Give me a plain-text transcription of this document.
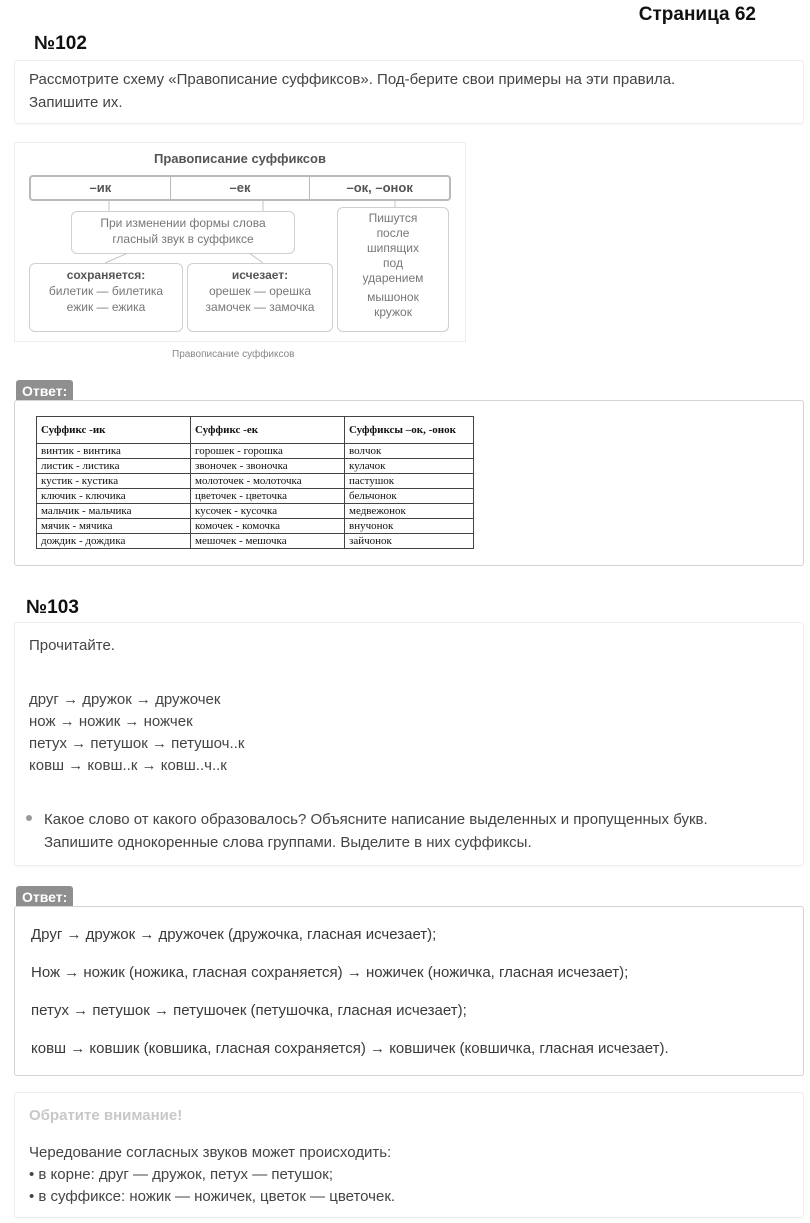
Страница 62
№102
Рассмотрите схему «Правописание суффиксов». Под-берите свои примеры на эти правила.
Запишите их.
Правописание суффиксов
–ик	–ек	–ок, –онок
При изменении формы слова
гласный звук в суффиксе
сохраняется:
билетик — билетика
ежик — ежика
исчезает:
орешек — орешка
замочек — замочка
Пишутся
после
шипящих
под
ударением
мышонок
кружок
Правописание суффиксов
Ответ:
Суффикс -ик	Суффикс -ек	Суффиксы –ок, -онок
винтик - винтика	горошек - горошка	волчок
листик - листика	звоночек - звоночка	кулачок
кустик - кустика	молоточек - молоточка	пастушок
ключик - ключика	цветочек - цветочка	бельчонок
мальчик - мальчика	кусочек - кусочка	медвежонок
мячик - мячика	комочек - комочка	внучонок
дождик - дождика	мешочек - мешочка	зайчонок
№103
Прочитайте.
друг → дружок → дружочек
нож → ножик → ножчек
петух → петушок → петушоч..к
ковш → ковш..к → ковш..ч..к
Какое слово от какого образовалось? Объясните написание выделенных и пропущенных букв.
Запишите однокоренные слова группами. Выделите в них суффиксы.
Ответ:
Друг → дружок → дружочек (дружочка, гласная исчезает);
Нож → ножик (ножика, гласная сохраняется) → ножичек (ножичка, гласная исчезает);
петух → петушок → петушочек (петушочка, гласная исчезает);
ковш → ковшик (ковшика, гласная сохраняется) → ковшичек (ковшичка, гласная исчезает).
Обратите внимание!
Чередование согласных звуков может происходить:
• в корне: друг — дружок, петух — петушок;
• в суффиксе: ножик — ножичек, цветок — цветочек.
